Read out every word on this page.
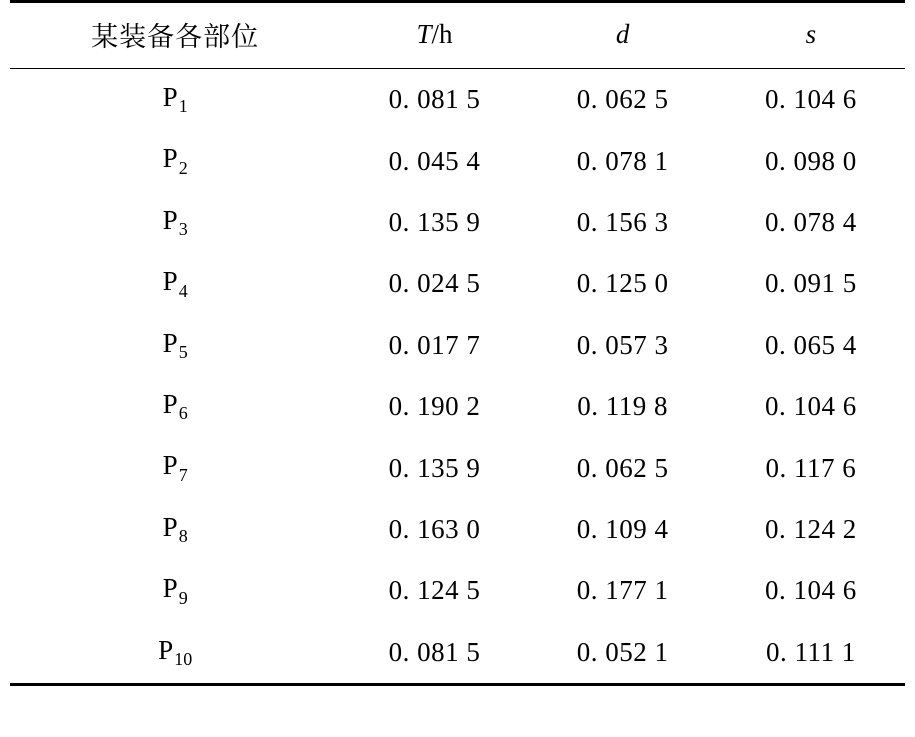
某装备各部位	T/h	d	s
$P_1$	0. 081 5	0. 062 5	0. 104 6
$P_2$	0. 045 4	0. 078 1	0. 098 0
$P_3$	0. 135 9	0. 156 3	0. 078 4
$P_4$	0. 024 5	0. 125 0	0. 091 5
$P_5$	0. 017 7	0. 057 3	0. 065 4
$P_6$	0. 190 2	0. 119 8	0. 104 6
$P_7$	0. 135 9	0. 062 5	0. 117 6
$P_8$	0. 163 0	0. 109 4	0. 124 2
$P_9$	0. 124 5	0. 177 1	0. 104 6
$P_{10}$	0. 081 5	0. 052 1	0. 111 1
